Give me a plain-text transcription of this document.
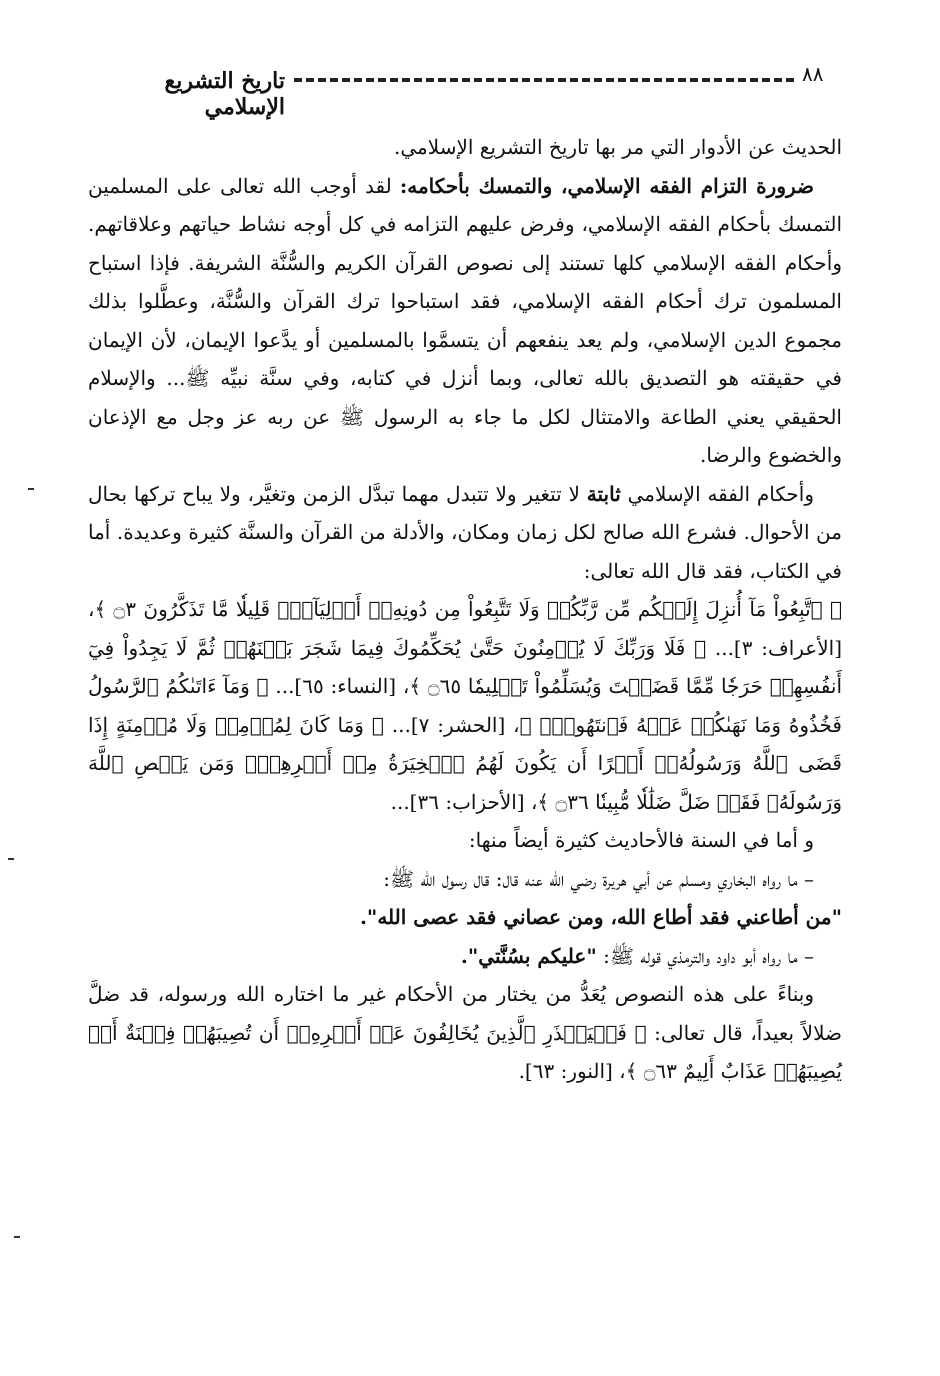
٨٨
تاريخ التشريع الإسلامي

الحديث عن الأدوار التي مر بها تاريخ التشريع الإسلامي.

ضرورة التزام الفقه الإسلامي، والتمسك بأحكامه: لقد أوجب الله تعالى على المسلمين التمسك بأحكام الفقه الإسلامي، وفرض عليهم التزامه في كل أوجه نشاط حياتهم وعلاقاتهم. وأحكام الفقه الإسلامي كلها تستند إلى نصوص القرآن الكريم والسُّنَّة الشريفة. فإذا استباح المسلمون ترك أحكام الفقه الإسلامي، فقد استباحوا ترك القرآن والسُّنَّة، وعطَّلوا بذلك مجموع الدين الإسلامي، ولم يعد ينفعهم أن يتسمَّوا بالمسلمين أو يدَّعوا الإيمان، لأن الإيمان في حقيقته هو التصديق بالله تعالى، وبما أنزل في كتابه، وفي سنَّة نبيِّه ﷺ... والإسلام الحقيقي يعني الطاعة والامتثال لكل ما جاء به الرسول ﷺ عن ربه عز وجل مع الإذعان والخضوع والرضا.

وأحكام الفقه الإسلامي ثابتة لا تتغير ولا تتبدل مهما تبدَّل الزمن وتغيَّر، ولا يباح تركها بحال من الأحوال. فشرع الله صالح لكل زمان ومكان، والأدلة من القرآن والسنَّة كثيرة وعديدة. أما في الكتاب، فقد قال الله تعالى:

﴿ ٱتَّبِعُواْ مَآ أُنزِلَ إِلَيۡكُم مِّن رَّبِّكُمۡ وَلَا تَتَّبِعُواْ مِن دُونِهِۦٓ أَوۡلِيَآءَۗ قَلِيلٗا مَّا تَذَكَّرُونَ ۝٣ ﴾، [الأعراف: ٣]... ﴿ فَلَا وَرَبِّكَ لَا يُؤۡمِنُونَ حَتَّىٰ يُحَكِّمُوكَ فِيمَا شَجَرَ بَيۡنَهُمۡ ثُمَّ لَا يَجِدُواْ فِيٓ أَنفُسِهِمۡ حَرَجٗا مِّمَّا قَضَيۡتَ وَيُسَلِّمُواْ تَسۡلِيمٗا ۝٦٥ ﴾، [النساء: ٦٥]... ﴿ وَمَآ ءَاتَىٰكُمُ ٱلرَّسُولُ فَخُذُوهُ وَمَا نَهَىٰكُمۡ عَنۡهُ فَٱنتَهُواْۚ ﴾، [الحشر: ٧]... ﴿ وَمَا كَانَ لِمُؤۡمِنٖ وَلَا مُؤۡمِنَةٍ إِذَا قَضَى ٱللَّهُ وَرَسُولُهُۥٓ أَمۡرًا أَن يَكُونَ لَهُمُ ٱلۡخِيَرَةُ مِنۡ أَمۡرِهِمۡۗ وَمَن يَعۡصِ ٱللَّهَ وَرَسُولَهُۥ فَقَدۡ ضَلَّ ضَلَٰلٗا مُّبِينٗا ۝٣٦ ﴾، [الأحزاب: ٣٦]...

و أما في السنة فالأحاديث كثيرة أيضاً منها:

– ما رواه البخاري ومسلم عن أبي هريرة رضي الله عنه قال: قال رسول الله ﷺ:

"من أطاعني فقد أطاع الله، ومن عصاني فقد عصى الله".

– ما رواه أبو داود والترمذي قوله ﷺ: "عليكم بسُنَّتي".

وبناءً على هذه النصوص يُعَدُّ من يختار من الأحكام غير ما اختاره الله ورسوله، قد ضلَّ ضلالاً بعيداً، قال تعالى: ﴿ فَلۡيَحۡذَرِ ٱلَّذِينَ يُخَالِفُونَ عَنۡ أَمۡرِهِۦٓ أَن تُصِيبَهُمۡ فِتۡنَةٌ أَوۡ يُصِيبَهُمۡ عَذَابٌ أَلِيمٌ ۝٦٣ ﴾، [النور: ٦٣].
